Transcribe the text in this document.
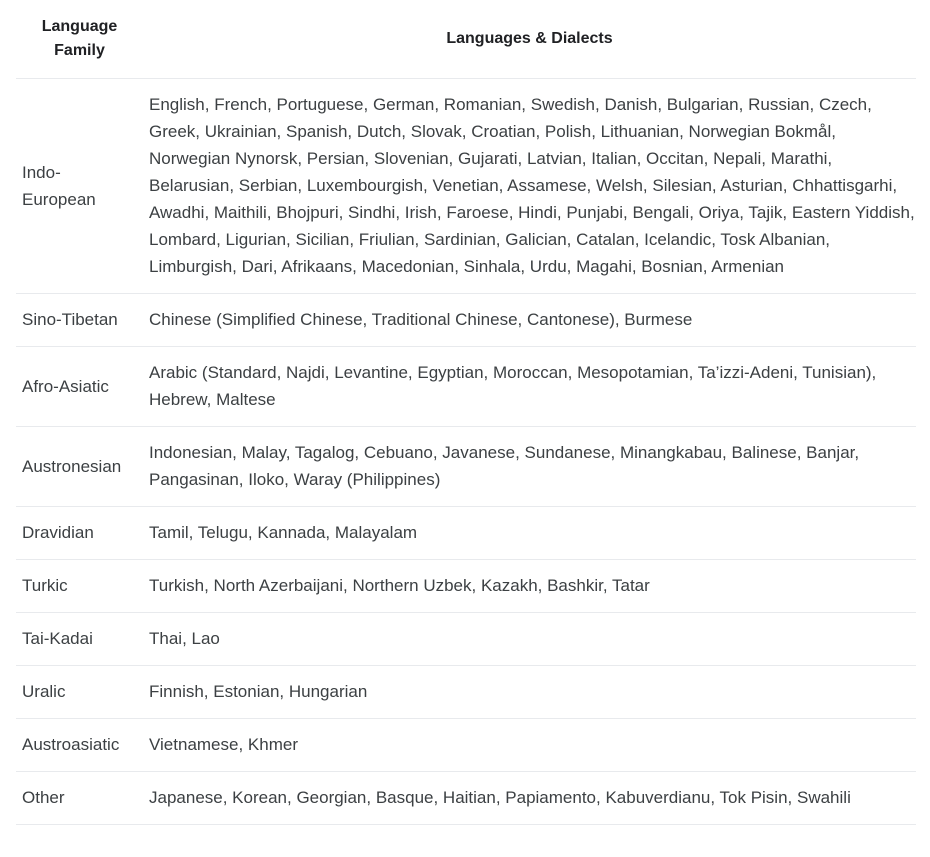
Language Family	Languages & Dialects
Indo-European	English, French, Portuguese, German, Romanian, Swedish, Danish, Bulgarian, Russian, Czech, Greek, Ukrainian, Spanish, Dutch, Slovak, Croatian, Polish, Lithuanian, Norwegian Bokmål, Norwegian Nynorsk, Persian, Slovenian, Gujarati, Latvian, Italian, Occitan, Nepali, Marathi, Belarusian, Serbian, Luxembourgish, Venetian, Assamese, Welsh, Silesian, Asturian, Chhattisgarhi, Awadhi, Maithili, Bhojpuri, Sindhi, Irish, Faroese, Hindi, Punjabi, Bengali, Oriya, Tajik, Eastern Yiddish, Lombard, Ligurian, Sicilian, Friulian, Sardinian, Galician, Catalan, Icelandic, Tosk Albanian, Limburgish, Dari, Afrikaans, Macedonian, Sinhala, Urdu, Magahi, Bosnian, Armenian
Sino-Tibetan	Chinese (Simplified Chinese, Traditional Chinese, Cantonese), Burmese
Afro-Asiatic	Arabic (Standard, Najdi, Levantine, Egyptian, Moroccan, Mesopotamian, Ta’izzi-Adeni, Tunisian), Hebrew, Maltese
Austronesian	Indonesian, Malay, Tagalog, Cebuano, Javanese, Sundanese, Minangkabau, Balinese, Banjar, Pangasinan, Iloko, Waray (Philippines)
Dravidian	Tamil, Telugu, Kannada, Malayalam
Turkic	Turkish, North Azerbaijani, Northern Uzbek, Kazakh, Bashkir, Tatar
Tai-Kadai	Thai, Lao
Uralic	Finnish, Estonian, Hungarian
Austroasiatic	Vietnamese, Khmer
Other	Japanese, Korean, Georgian, Basque, Haitian, Papiamento, Kabuverdianu, Tok Pisin, Swahili
